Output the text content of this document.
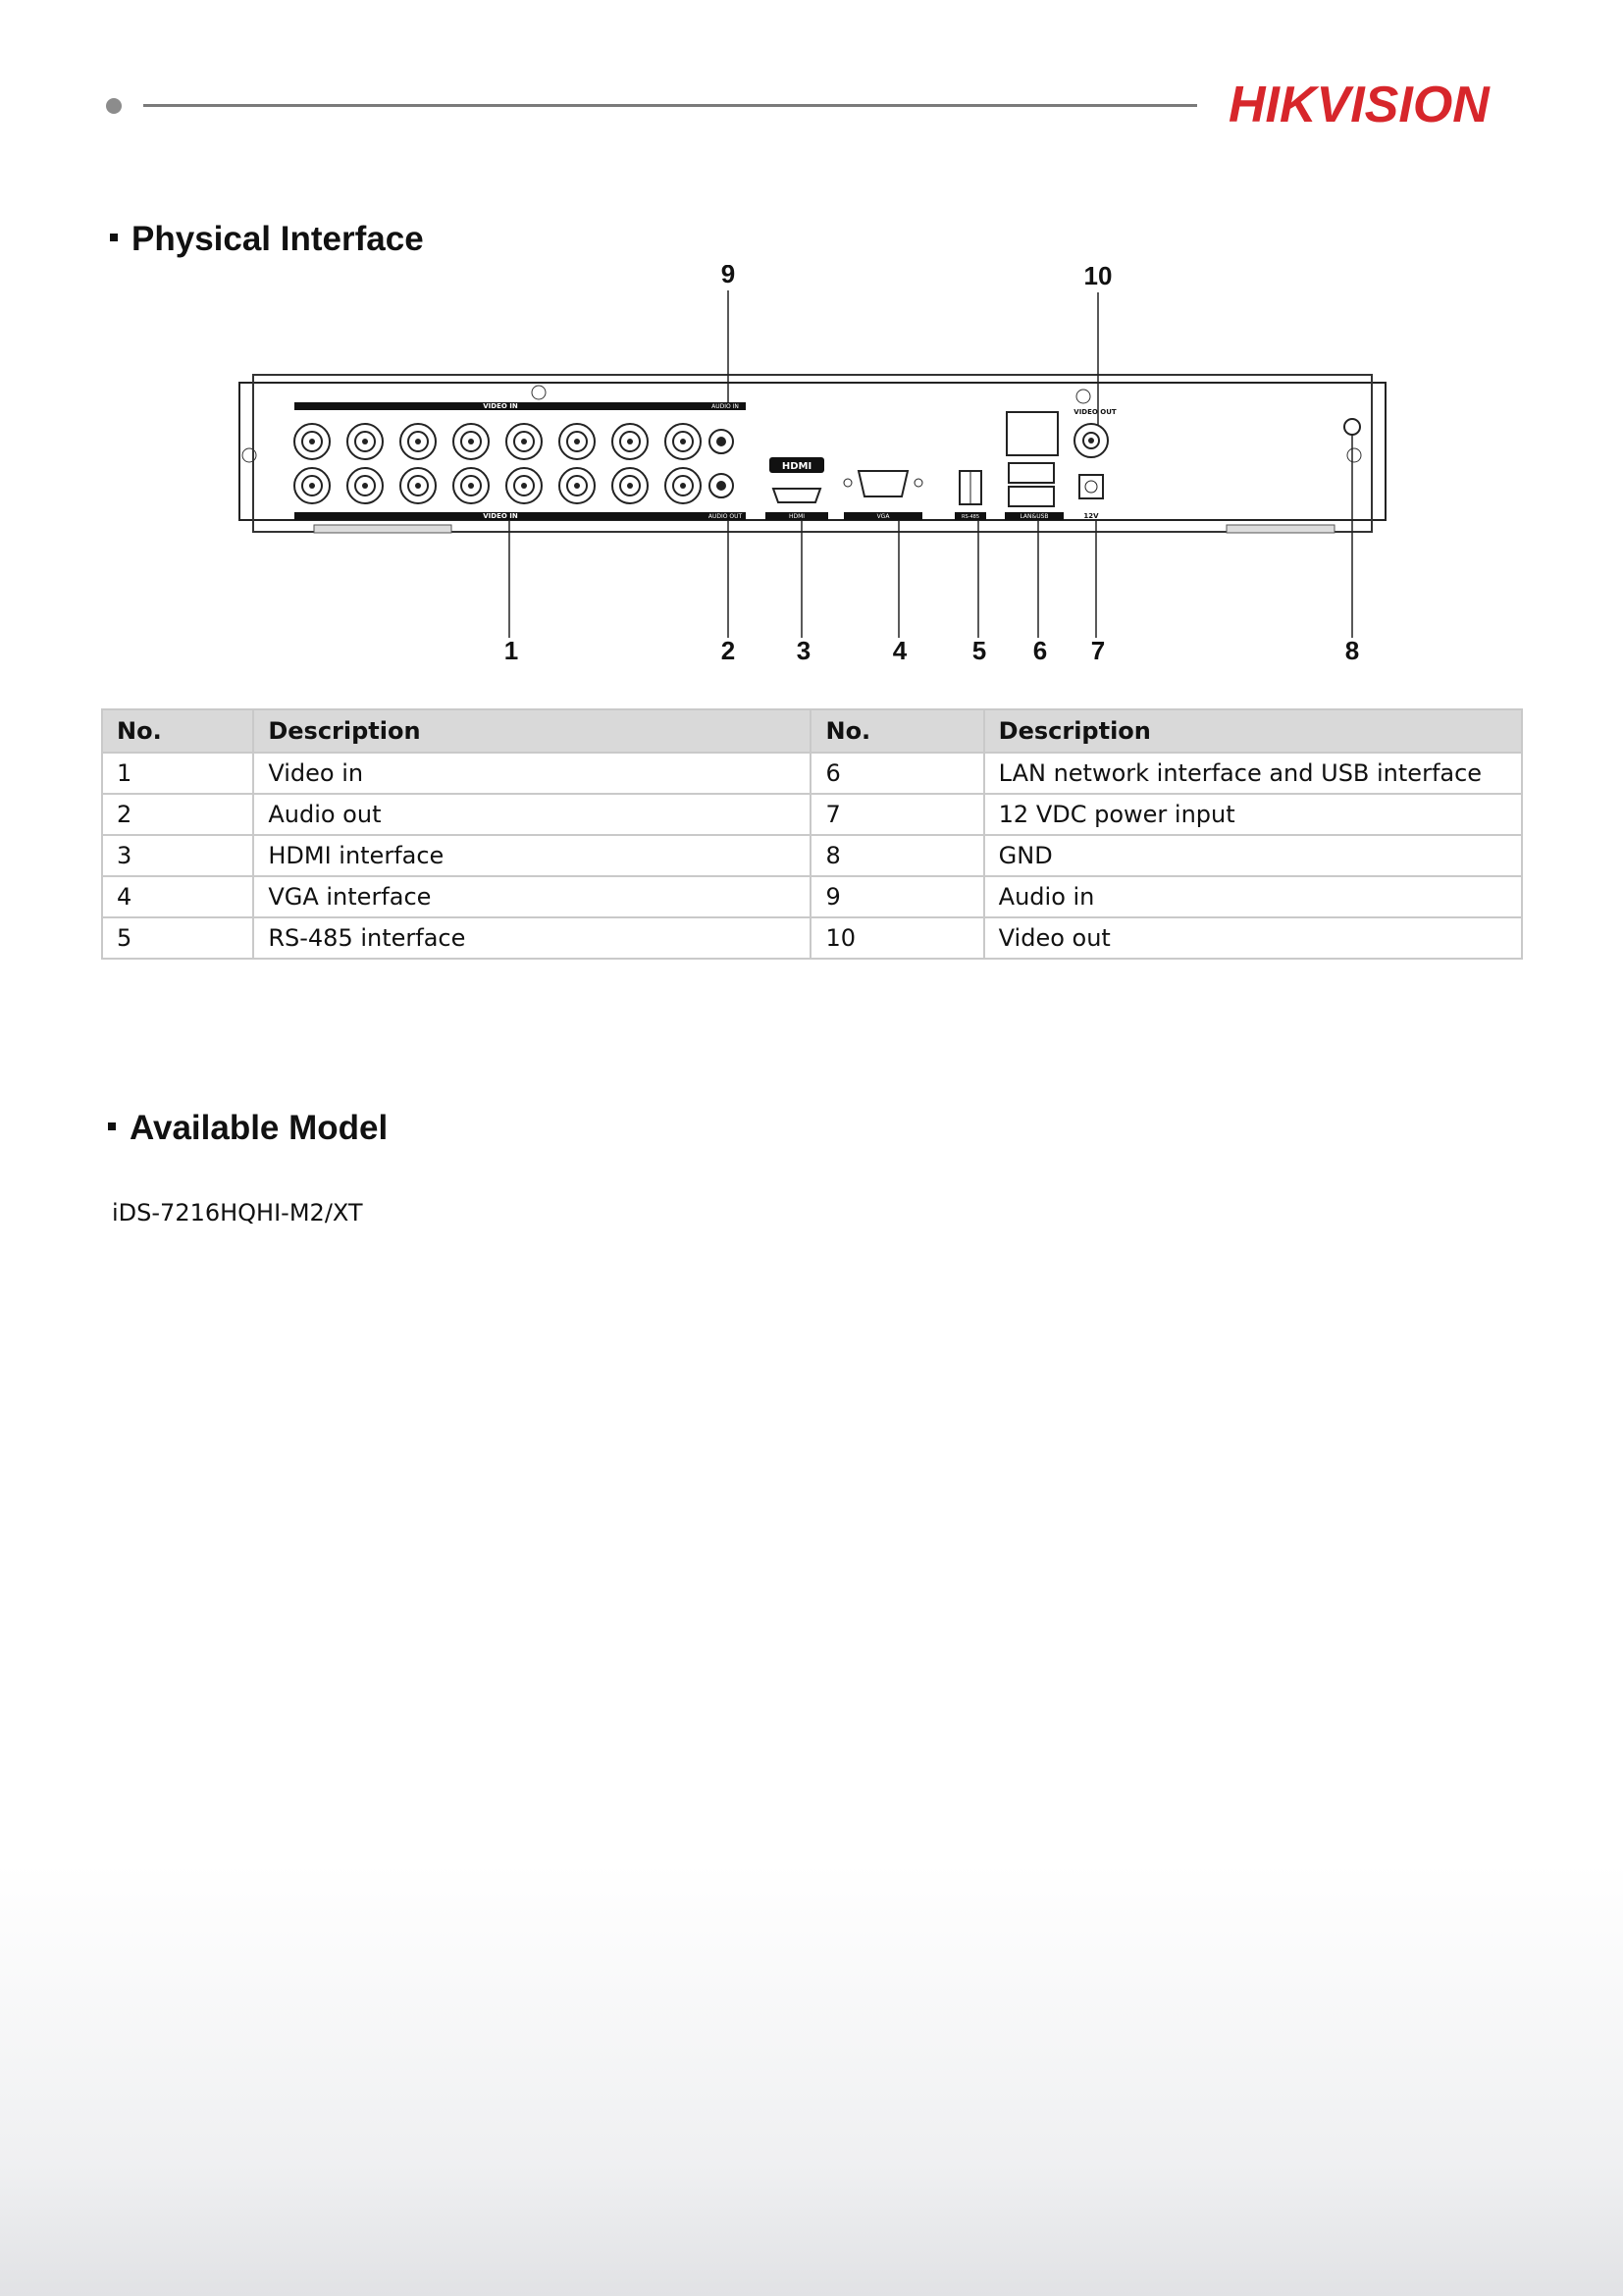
HIKVISION
Physical Interface
VIDEO IN
VIDEO IN
AUDIO IN
AUDIO OUT
HDMI
HDMI	VGA	RS-485	LAN&USB
VIDEO OUT
12V
1	2 3	4	5 6 7	8
9	10
No.	Description	No.	Description
1	Video in	6	LAN network interface and USB interface
2	Audio out	7	12 VDC power input
3	HDMI interface	8	GND
4	VGA interface	9	Audio in
5	RS-485 interface	10	Video out
Available Model
iDS-7216HQHI-M2/XT
